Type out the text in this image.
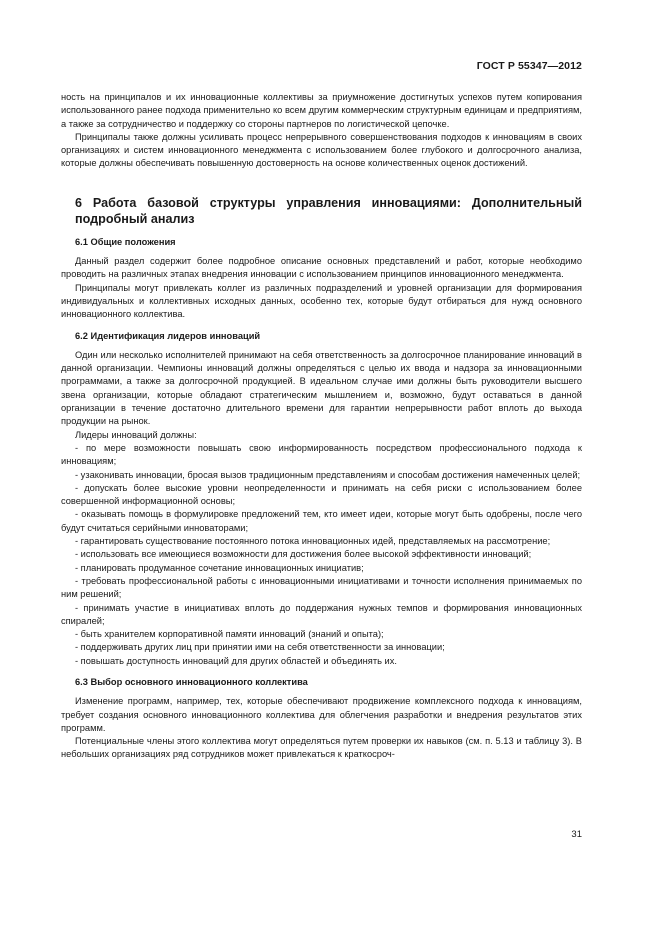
ГОСТ Р 55347—2012

ность на принципалов и их инновационные коллективы за приумножение достигнутых успехов путем копирования использованного ранее подхода применительно ко всем другим коммерческим структурным единицам и предприятиям, а также за сотрудничество и поддержку со стороны партнеров по логистической цепочке.

Принципалы также должны усиливать процесс непрерывного совершенствования подходов к инновациям в своих организациях и систем инновационного менеджмента с использованием более глубокого и долгосрочного анализа, которые должны обеспечивать повышенную достоверность на основе количественных оценок достижений.

6 Работа базовой структуры управления инновациями: Дополнительный подробный анализ
6.1 Общие положения

Данный раздел содержит более подробное описание основных представлений и работ, которые необходимо проводить на различных этапах внедрения инновации с использованием принципов инновационного менеджмента.

Принципалы могут привлекать коллег из различных подразделений и уровней организации для формирования индивидуальных и коллективных исходных данных, особенно тех, которые будут отбираться для нужд основного инновационного коллектива.

6.2 Идентификация лидеров инноваций

Один или несколько исполнителей принимают на себя ответственность за долгосрочное планирование инноваций в данной организации. Чемпионы инноваций должны определяться с целью их ввода и надзора за инновационными программами, а также за долгосрочной продукцией. В идеальном случае ими должны быть руководители высшего звена организации, которые обладают стратегическим мышлением и, возможно, будут оставаться в данной организации в течение достаточно длительного времени для гарантии непрерывности работ вплоть до выхода продукции на рынок.

Лидеры инноваций должны:

- по мере возможности повышать свою информированность посредством профессионального подхода к инновациям;

- узаконивать инновации, бросая вызов традиционным представлениям и способам достижения намеченных целей;

- допускать более высокие уровни неопределенности и принимать на себя риски с использованием более совершенной информационной основы;

- оказывать помощь в формулировке предложений тем, кто имеет идеи, которые могут быть одобрены, после чего будут считаться серийными инноваторами;

- гарантировать существование постоянного потока инновационных идей, представляемых на рассмотрение;

- использовать все имеющиеся возможности для достижения более высокой эффективности инноваций;

- планировать продуманное сочетание инновационных инициатив;

- требовать профессиональной работы с инновационными инициативами и точности исполнения принимаемых по ним решений;

- принимать участие в инициативах вплоть до поддержания нужных темпов и формирования инновационных спиралей;

- быть хранителем корпоративной памяти инноваций (знаний и опыта);

- поддерживать других лиц при принятии ими на себя ответственности за инновации;

- повышать доступность инноваций для других областей и объединять их.

6.3 Выбор основного инновационного коллектива

Изменение программ, например, тех, которые обеспечивают продвижение комплексного подхода к инновациям, требует создания основного инновационного коллектива для облегчения разработки и внедрения результатов этих программ.

Потенциальные члены этого коллектива могут определяться путем проверки их навыков (см. п. 5.13 и таблицу 3). В небольших организациях ряд сотрудников может привлекаться к краткосроч-

31
